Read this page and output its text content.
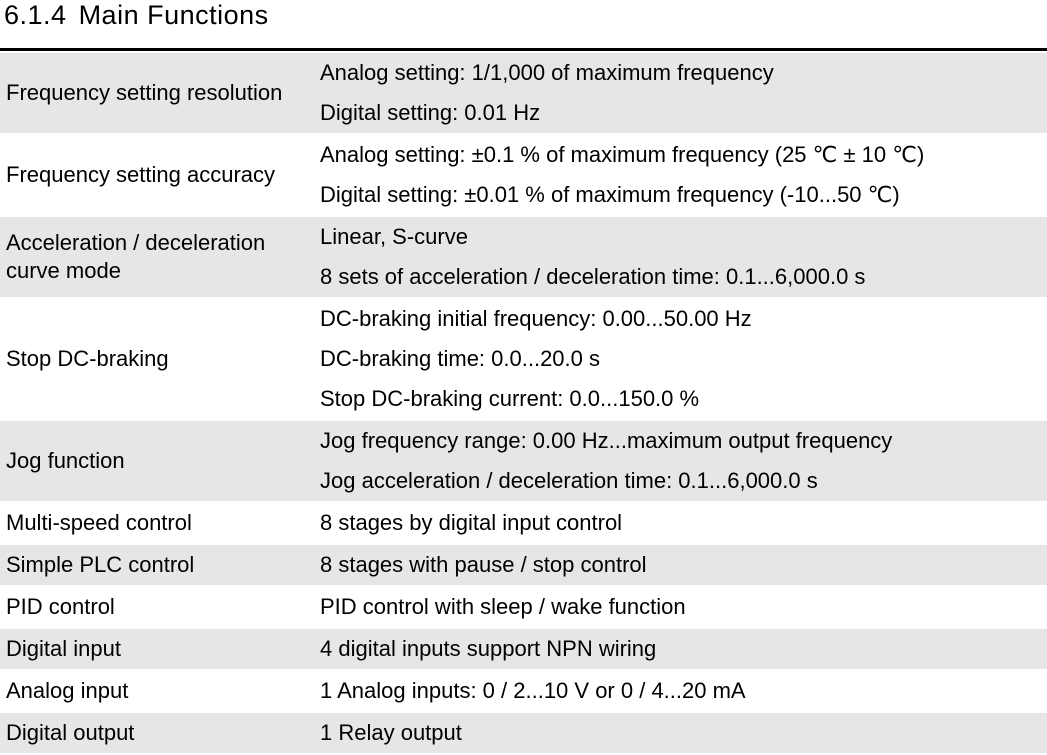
6.1.4 Main Functions

Frequency setting resolution	Analog setting: 1/1,000 of maximum frequency
Digital setting: 0.01 Hz

Frequency setting accuracy	Analog setting: ±0.1 % of maximum frequency (25 ℃ ± 10 ℃)
Digital setting: ±0.01 % of maximum frequency (-10...50 ℃)

Acceleration / deceleration curve mode	Linear, S-curve
8 sets of acceleration / deceleration time: 0.1...6,000.0 s

Stop DC-braking	DC-braking initial frequency: 0.00...50.00 Hz
DC-braking time: 0.0...20.0 s
Stop DC-braking current: 0.0...150.0 %

Jog function	Jog frequency range: 0.00 Hz...maximum output frequency
Jog acceleration / deceleration time: 0.1...6,000.0 s

Multi-speed control	8 stages by digital input control

Simple PLC control	8 stages with pause / stop control

PID control	PID control with sleep / wake function

Digital input	4 digital inputs support NPN wiring

Analog input	1 Analog inputs: 0 / 2...10 V or 0 / 4...20 mA

Digital output	1 Relay output
